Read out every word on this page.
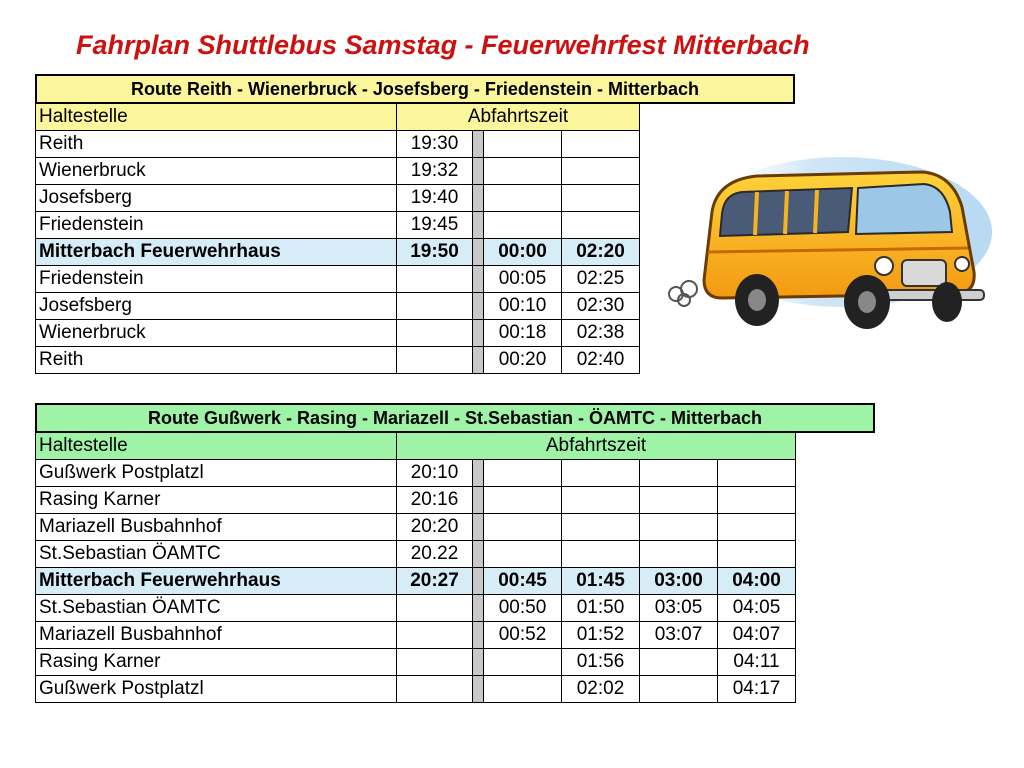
Fahrplan Shuttlebus Samstag - Feuerwehrfest Mitterbach
Route Reith - Wienerbruck - Josefsberg - Friedenstein - Mitterbach
Haltestelle	Abfahrtszeit			
Reith	19:30			
Wienerbruck	19:32			
Josefsberg	19:40			
Friedenstein	19:45			
Mitterbach Feuerwehrhaus	19:50		00:00	02:20
Friedenstein			00:05	02:25
Josefsberg			00:10	02:30
Wienerbruck			00:18	02:38
Reith			00:20	02:40
Route Gußwerk - Rasing - Mariazell - St.Sebastian - ÖAMTC - Mitterbach
Haltestelle	Abfahrtszeit					
Gußwerk Postplatzl	20:10					
Rasing Karner	20:16					
Mariazell Busbahnhof	20:20					
St.Sebastian ÖAMTC	20.22					
Mitterbach Feuerwehrhaus	20:27		00:45	01:45	03:00	04:00
St.Sebastian ÖAMTC			00:50	01:50	03:05	04:05
Mariazell Busbahnhof			00:52	01:52	03:07	04:07
Rasing Karner				01:56		04:11
Gußwerk Postplatzl				02:02		04:17
